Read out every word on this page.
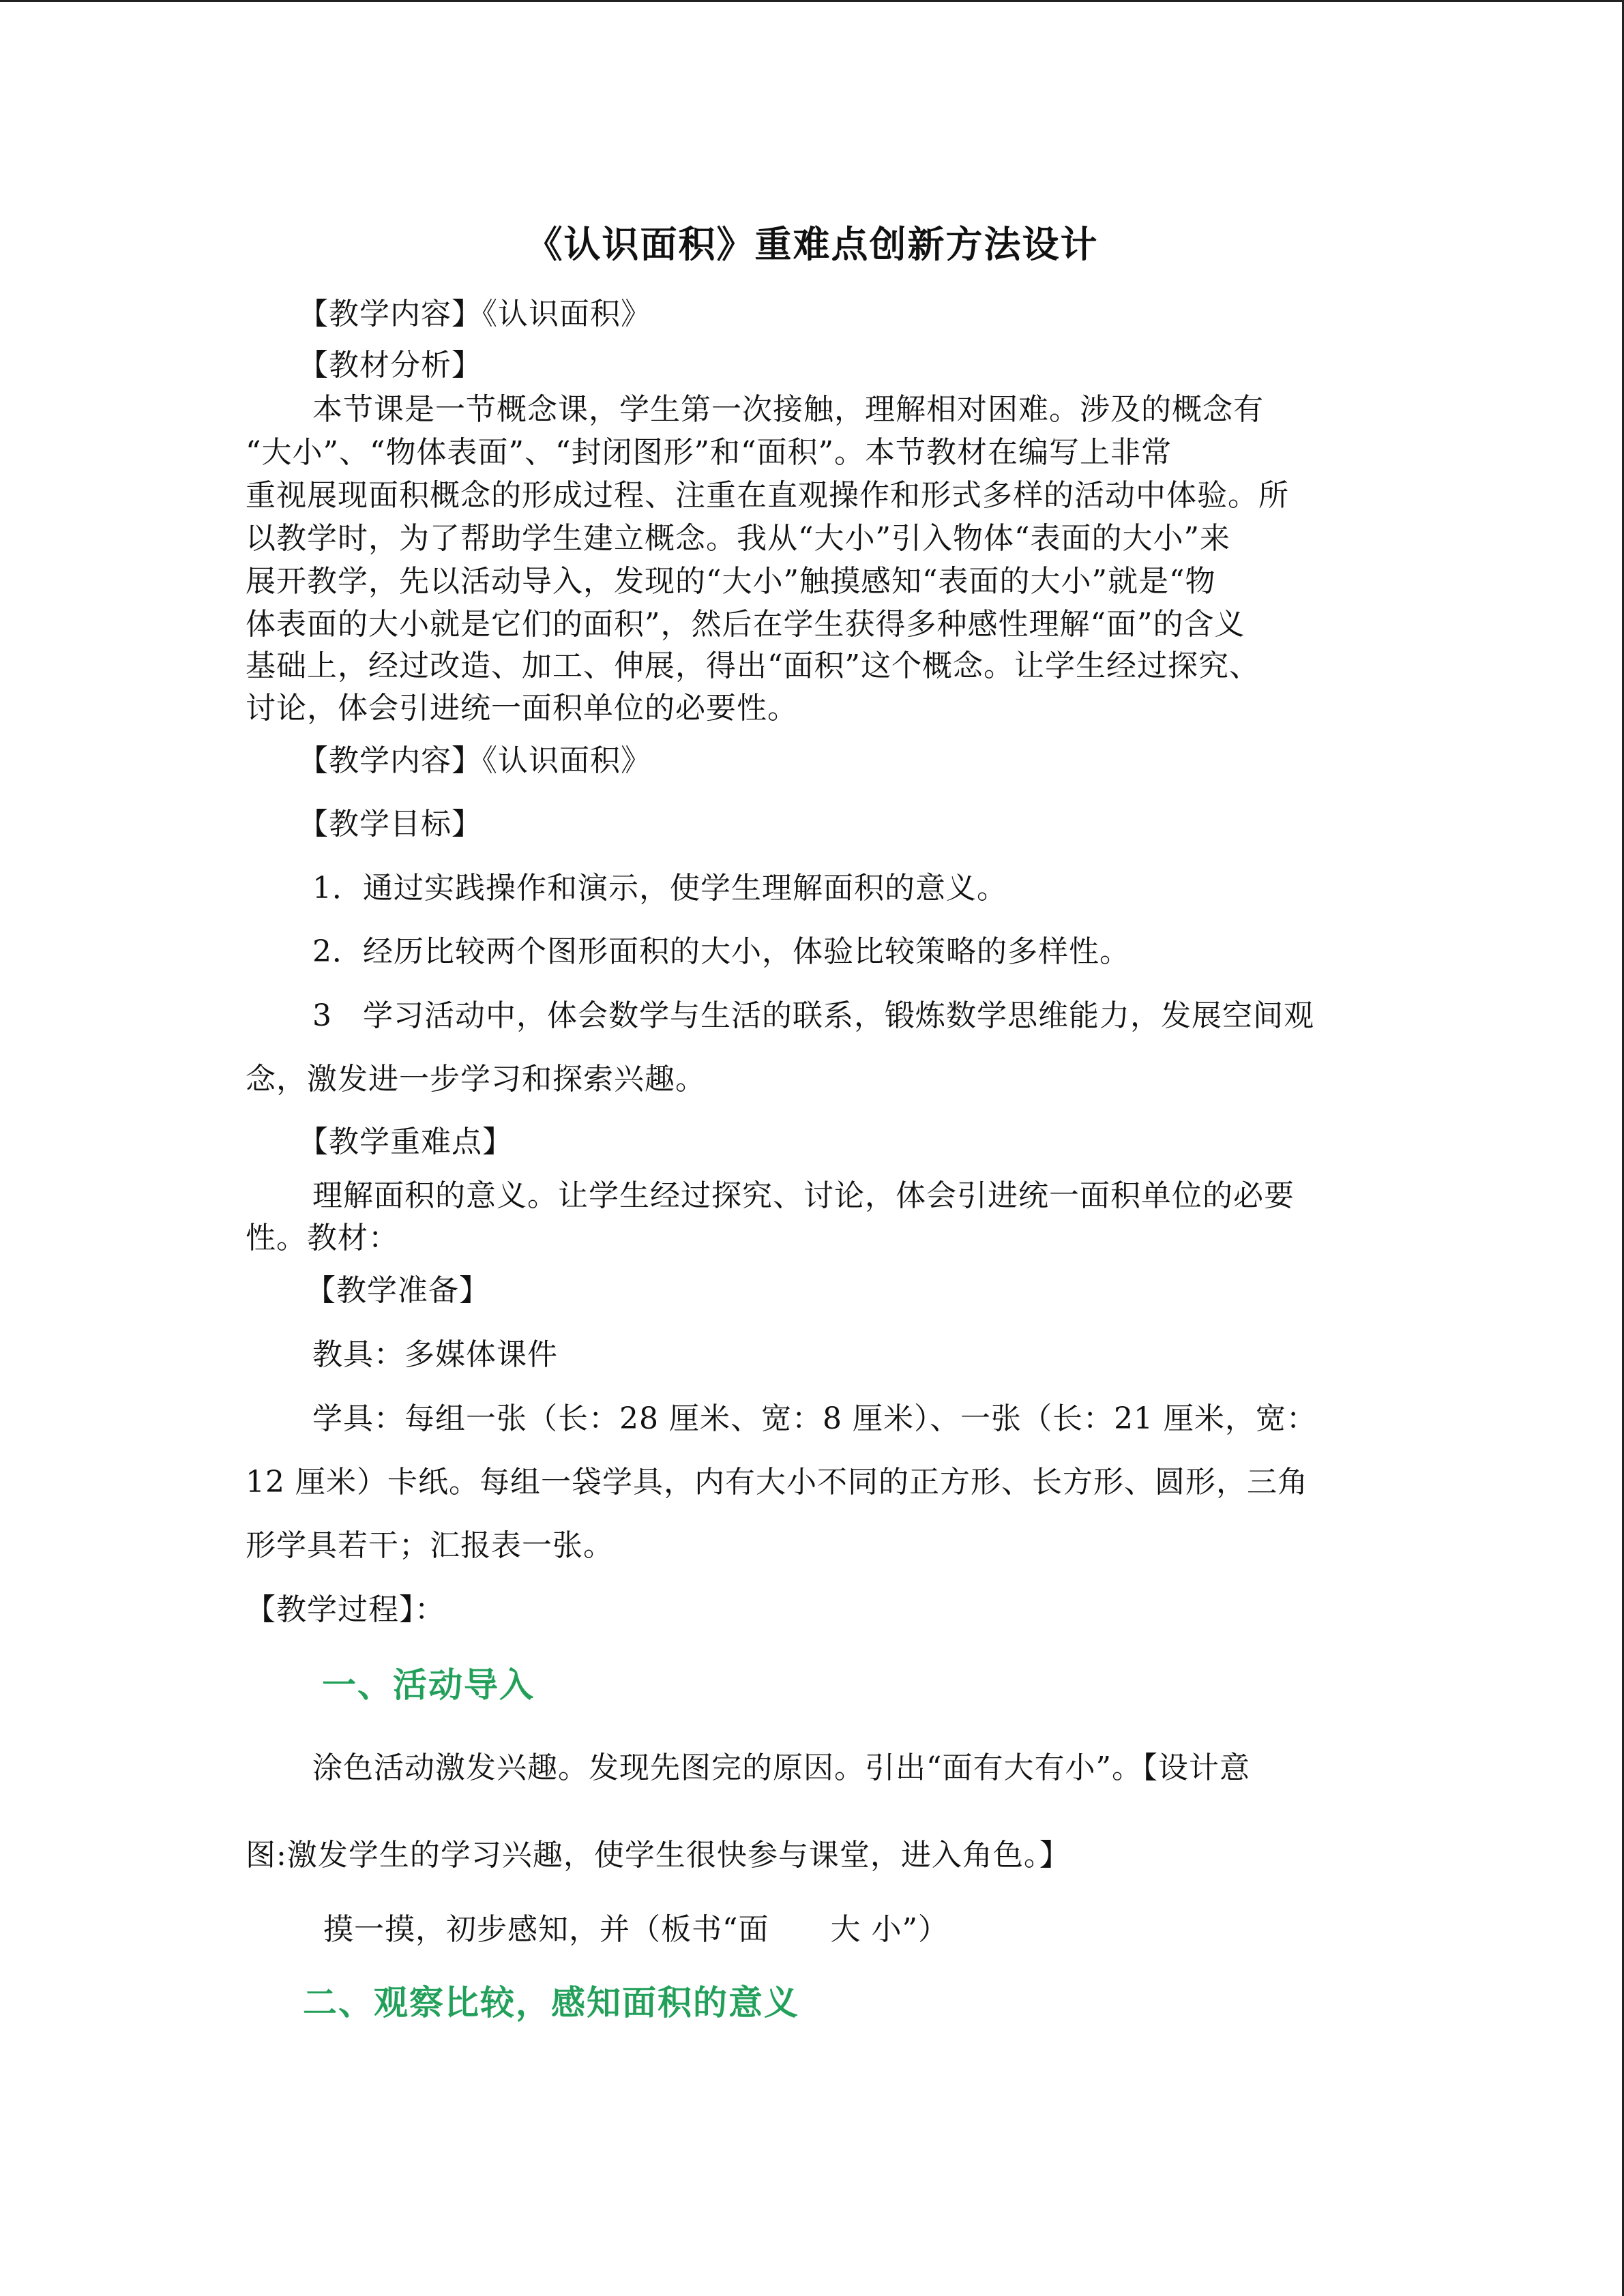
《认识面积》重难点创新方法设计
【教学内容】《认识面积》
【教材分析】
本节课是一节概念课，学生第一次接触，理解相对困难。涉及的概念有
“大小”、“物体表面”、“封闭图形”和“面积”。本节教材在编写上非常
重视展现面积概念的形成过程、注重在直观操作和形式多样的活动中体验。所
以教学时，为了帮助学生建立概念。我从“大小”引入物体“表面的大小”来
展开教学，先以活动导入，发现的“大小”触摸感知“表面的大小”就是“物
体表面的大小就是它们的面积”，然后在学生获得多种感性理解“面”的含义
基础上，经过改造、加工、伸展，得出“面积”这个概念。让学生经过探究、
讨论，体会引进统一面积单位的必要性。
【教学内容】《认识面积》
【教学目标】
1．通过实践操作和演示，使学生理解面积的意义。
2．经历比较两个图形面积的大小，体验比较策略的多样性。
3　学习活动中，体会数学与生活的联系，锻炼数学思维能力，发展空间观
念，激发进一步学习和探索兴趣。
【教学重难点】
理解面积的意义。让学生经过探究、讨论，体会引进统一面积单位的必要
性。教材：
【教学准备】
教具：多媒体课件
学具：每组一张（长：28 厘米、宽：8 厘米）、一张（长：21 厘米，宽：
12 厘米）卡纸。每组一袋学具，内有大小不同的正方形、长方形、圆形，三角
形学具若干；汇报表一张。
【教学过程】：
一、活动导入
涂色活动激发兴趣。发现先图完的原因。引出“面有大有小”。【设计意
图:激发学生的学习兴趣，使学生很快参与课堂，进入角色。】
摸一摸，初步感知，并（板书“面　　大 小”）
二、观察比较，感知面积的意义
